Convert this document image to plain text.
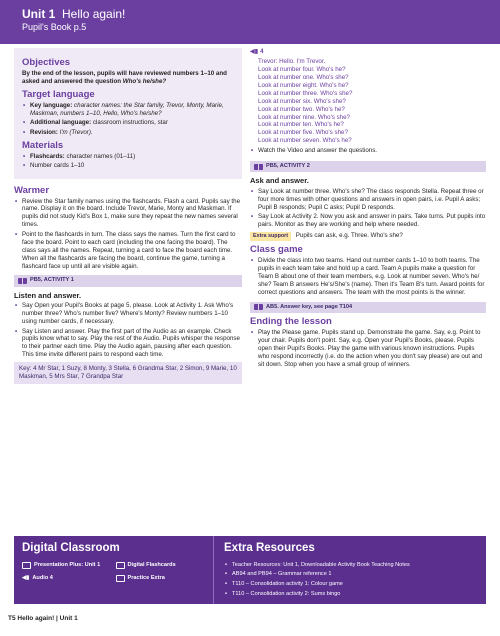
Unit 1 Hello again!
Pupil's Book p.5
Objectives
By the end of the lesson, pupils will have reviewed numbers 1–10 and asked and answered the question Who's he/she?
Target language
• Key language: character names: the Star family, Trevor, Monty, Marie, Maskman, numbers 1–10, Hello, Who's he/she?
• Additional language: classroom instructions, star
• Revision: I'm (Trevor).
Materials
• Flashcards: character names (01–11)
• Number cards 1–10
Warmer
• Review the Star family names using the flashcards. Flash a card. Pupils say the name. Display it on the board. Include Trevor, Marie, Monty and Maskman. If pupils did not study Kid's Box 1, make sure they repeat the new names several times.
• Point to the flashcards in turn. The class says the names. Turn the first card to face the board. Point to each card (including the one facing the board). The class says all the names. Repeat, turning a card to face the board each time. When all the flashcards are facing the board, continue the game, turning a flashcard face up until all are visible again.
PB5, ACTIVITY 1
Listen and answer.
• Say Open your Pupil's Books at page 5, please. Look at Activity 1. Ask Who's number three? Who's number five? Where's Monty? Review numbers 1–10 using number cards, if necessary.
• Say Listen and answer. Play the first part of the Audio as an example. Check pupils know what to say. Play the rest of the Audio. Pupils whisper the response to their partner each time. Play the Audio again, pausing after each question. This time invite different pairs to respond each time.
Key: 4 Mr Star, 1 Suzy, 8 Monty, 3 Stella, 6 Grandma Star, 2 Simon, 9 Marie, 10 Maskman, 5 Mrs Star, 7 Grandpa Star
◀▮ 4
Trevor: Hello. I'm Trevor.
Look at number four. Who's he?
Look at number one. Who's she?
Look at number eight. Who's he?
Look at number three. Who's she?
Look at number six. Who's she?
Look at number two. Who's he?
Look at number nine. Who's she?
Look at number ten. Who's he?
Look at number five. Who's she?
Look at number seven. Who's he?
• Watch the Video and answer the questions.
PB5, ACTIVITY 2
Ask and answer.
• Say Look at number three. Who's she? The class responds Stella. Repeat three or four more times with other questions and answers in open pairs, i.e. Pupil A asks; Pupil B responds; Pupil C asks; Pupil D responds.
• Say Look at Activity 2. Now you ask and answer in pairs. Take turns. Put pupils into pairs. Monitor as they are working and help where needed.
Extra support Pupils can ask, e.g. Three. Who's she?
Class game
• Divide the class into two teams. Hand out number cards 1–10 to both teams. The pupils in each team take and hold up a card. Team A pupils make a question for Team B about one of their team members, e.g. Look at number seven. Who's he/ she? Team B answers He's/She's (name). Then it's Team B's turn. Award points for correct questions and answers. The team with the most points is the winner.
AB5. Answer key, see page T104
Ending the lesson
• Play the Please game. Pupils stand up. Demonstrate the game. Say, e.g. Point to your chair. Pupils don't point. Say, e.g. Open your Pupil's Books, please. Pupils open their Pupil's Books. Play the game with various known instructions. Pupils who respond incorrectly (i.e. do the action when you don't say please) are out and sit down. Stop when you have a small group of winners.
Digital Classroom
Presentation Plus: Unit 1	Digital Flashcards
◀▮ Audio 4	Practice Extra
Extra Resources
• Teacher Resources: Unit 1, Downloadable Activity Book Teaching Notes
• AB94 and PB94 – Grammar reference 1
• T110 – Consolidation activity 1: Colour game
• T110 – Consolidation activity 2: Sums bingo
T5 Hello again! | Unit 1
